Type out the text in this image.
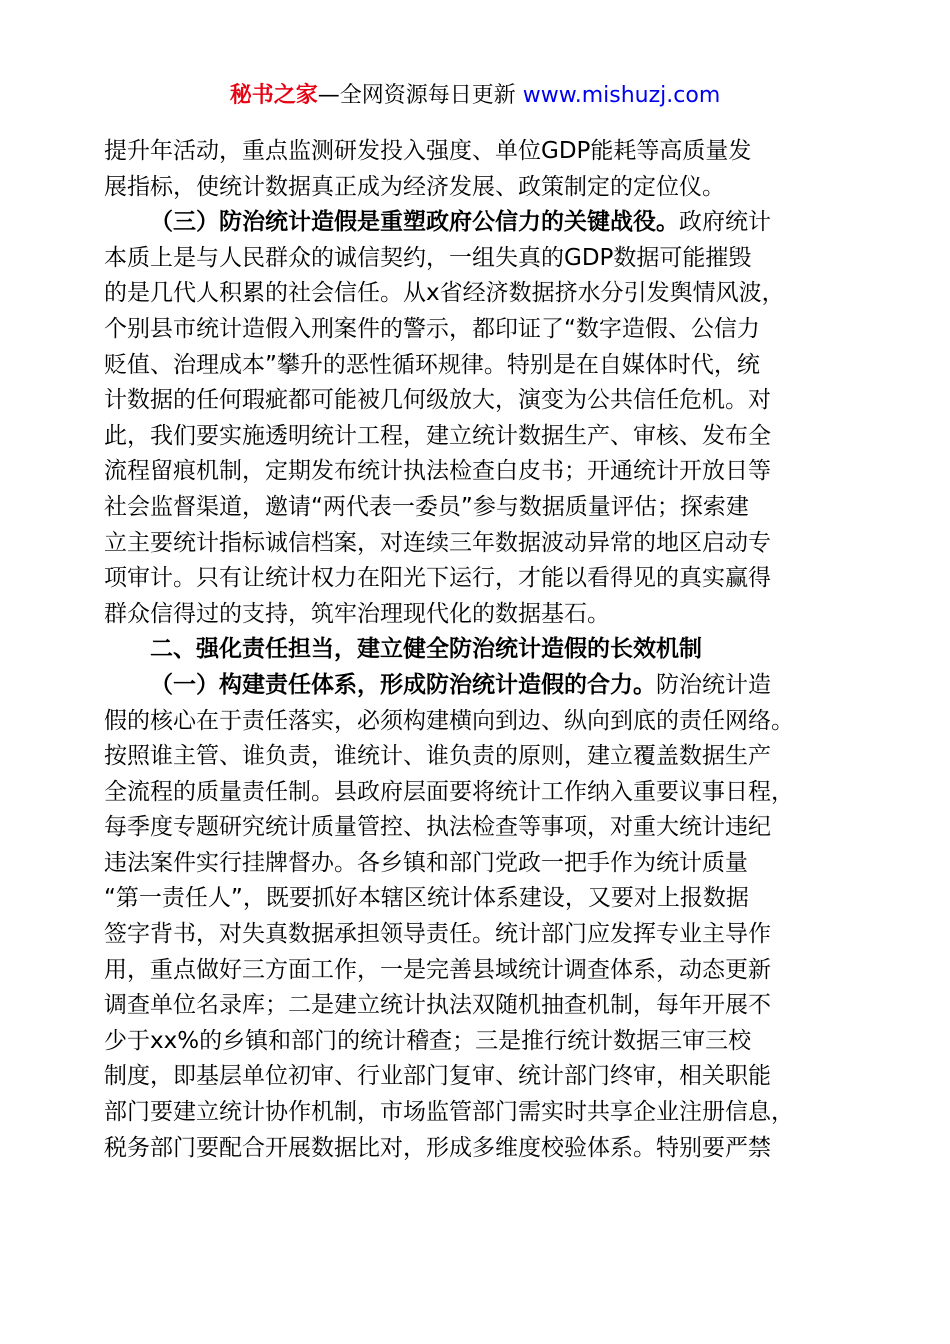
秘书之家—全网资源每日更新 www.mishuzj.com
提升年活动，重点监测研发投入强度、单位GDP能耗等高质量发
展指标，使统计数据真正成为经济发展、政策制定的定位仪。
（三）防治统计造假是重塑政府公信力的关键战役。政府统计
本质上是与人民群众的诚信契约，一组失真的GDP数据可能摧毁
的是几代人积累的社会信任。从x省经济数据挤水分引发舆情风波，
个别县市统计造假入刑案件的警示，都印证了“数字造假、公信力
贬值、治理成本”攀升的恶性循环规律。特别是在自媒体时代，统
计数据的任何瑕疵都可能被几何级放大，演变为公共信任危机。对
此，我们要实施透明统计工程，建立统计数据生产、审核、发布全
流程留痕机制，定期发布统计执法检查白皮书；开通统计开放日等
社会监督渠道，邀请“两代表一委员”参与数据质量评估；探索建
立主要统计指标诚信档案，对连续三年数据波动异常的地区启动专
项审计。只有让统计权力在阳光下运行，才能以看得见的真实赢得
群众信得过的支持，筑牢治理现代化的数据基石。
二、强化责任担当，建立健全防治统计造假的长效机制
（一）构建责任体系，形成防治统计造假的合力。防治统计造
假的核心在于责任落实，必须构建横向到边、纵向到底的责任网络。
按照谁主管、谁负责，谁统计、谁负责的原则，建立覆盖数据生产
全流程的质量责任制。县政府层面要将统计工作纳入重要议事日程，
每季度专题研究统计质量管控、执法检查等事项，对重大统计违纪
违法案件实行挂牌督办。各乡镇和部门党政一把手作为统计质量
“第一责任人”，既要抓好本辖区统计体系建设，又要对上报数据
签字背书，对失真数据承担领导责任。统计部门应发挥专业主导作
用，重点做好三方面工作，一是完善县域统计调查体系，动态更新
调查单位名录库；二是建立统计执法双随机抽查机制，每年开展不
少于xx%的乡镇和部门的统计稽查；三是推行统计数据三审三校
制度，即基层单位初审、行业部门复审、统计部门终审，相关职能
部门要建立统计协作机制，市场监管部门需实时共享企业注册信息，
税务部门要配合开展数据比对，形成多维度校验体系。特别要严禁
